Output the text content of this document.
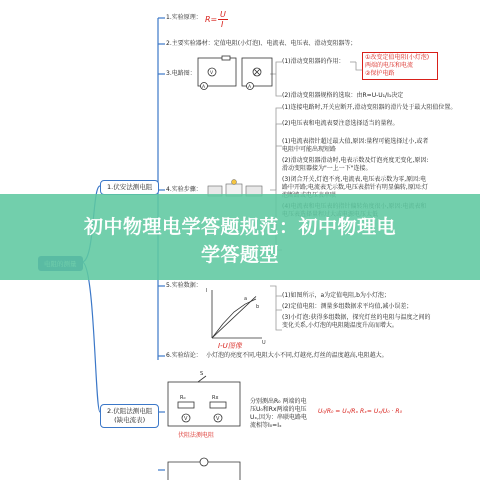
1.伏安法测电阻
1.实验原理： R=
U
I
2.主要实验器材：定值电阻(小灯泡)、电流表、电压表、滑动变阻器等；
3.电路图：	V
A	A
(1)滑动变阻器的作用：
①改变定值电阻(小灯泡)两端的电压和电流
②保护电路
(2)滑动变阻器规格的选取：由R=U-U₁/I₁决定
4.实验步骤：
(1)连接电路时,开关应断开,滑动变阻器的滑片处于最大阻值位置。
(2)电压表和电流表要注意选择适当的量程。
(1)电流表指针超过最大值,原因:量程可能选择过小,或者电阻中可能出现短路
(2)滑动变阻器滑动时,电表示数及灯泡亮度无变化,原因:滑动变阻器接为"一上一下"连接。
(3)闭合开关,灯泡不亮,电流表,电压表示数为零,原因:电路中开路;电流表无示数,电压表指针有明显偏转,原因:灯
5.实验数据：
I
U
a
b
I-U图像
(1)如图所示，a为定值电阻,b为小灯泡；
(2)定值电阻：测量多组数据求平均值,减小误差；
(3)小灯泡:获得多组数据，探究灯丝的电阻与温度之间的变化关系,小灯泡的电阻随温度升高而增大。
6.实验结论： 小灯泡的亮度不同,电阻大小不同,灯越亮,灯丝的温度越高,电阻越大。
2.伏阻法测电阻
(缺电流表)	V	V
R₀	Rx
S
伏阻法测电阻
分别测出R₀ 两端的电压U₀和Rx两端的电压Uₓ,因为：串联电路电流相等I₀=Iₓ
U₀/R₀ = Uₓ/Rₓ Rₓ= Uₓ/U₀ · R₀
初中物理电学答题规范：初中物理电
学答题型
